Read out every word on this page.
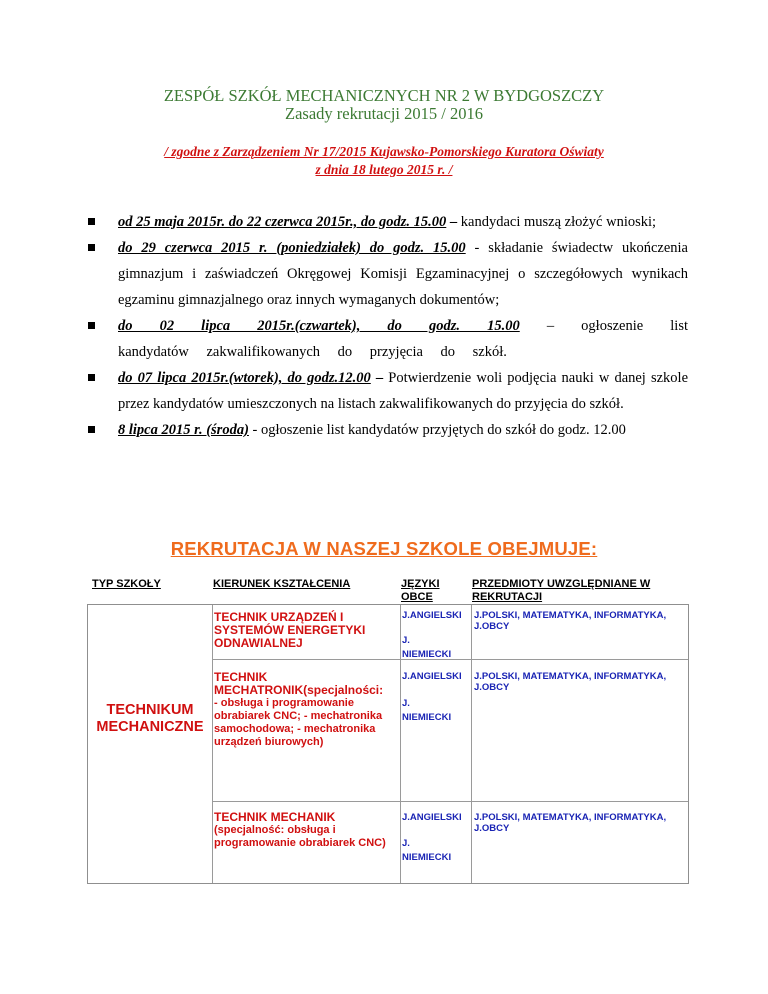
ZESPÓŁ SZKÓŁ MECHANICZNYCH NR 2 W BYDGOSZCZY
Zasady rekrutacji 2015 / 2016
/ zgodne z Zarządzeniem Nr 17/2015 Kujawsko-Pomorskiego Kuratora Oświaty
z dnia 18 lutego 2015 r. /

od 25 maja 2015r. do 22 czerwca 2015r., do godz. 15.00 – kandydaci muszą złożyć wnioski;

do 29 czerwca 2015 r. (poniedziałek) do godz. 15.00 - składanie świadectw ukończenia gimnazjum i zaświadczeń Okręgowej Komisji Egzaminacyjnej o szczegółowych wynikach egzaminu gimnazjalnego oraz innych wymaganych dokumentów;

do 02 lipca 2015r.(czwartek), do godz. 15.00 – ogłoszenie list kandydatów zakwalifikowanych do przyjęcia do szkół.

do 07 lipca 2015r.(wtorek), do godz.12.00 – Potwierdzenie woli podjęcia nauki w danej szkole przez kandydatów umieszczonych na listach zakwalifikowanych do przyjęcia do szkół.

8 lipca 2015 r. (środa) - ogłoszenie list kandydatów przyjętych do szkół do godz. 12.00

REKRUTACJA W NASZEJ SZKOLE OBEJMUJE:
TYP SZKOŁY	KIERUNEK KSZTAŁCENIA	JĘZYKI OBCE
PRZEDMIOTY UWZGLĘDNIANE W REKRUTACJI
TECHNIKUM MECHANICZNE
TECHNIK URZĄDZEŃ I SYSTEMÓW ENERGETYKI ODNAWIALNEJ
J.ANGIELSKI
J. NIEMIECKI
J.POLSKI, MATEMATYKA, INFORMATYKA, J.OBCY
TECHNIK MECHATRONIK(specjalności:
- obsługa i programowanie obrabiarek CNC; - mechatronika samochodowa; - mechatronika urządzeń biurowych)
J.ANGIELSKI
J. NIEMIECKI
J.POLSKI, MATEMATYKA, INFORMATYKA, J.OBCY
TECHNIK MECHANIK
(specjalność: obsługa i programowanie obrabiarek CNC)
J.ANGIELSKI
J. NIEMIECKI
J.POLSKI, MATEMATYKA, INFORMATYKA, J.OBCY
